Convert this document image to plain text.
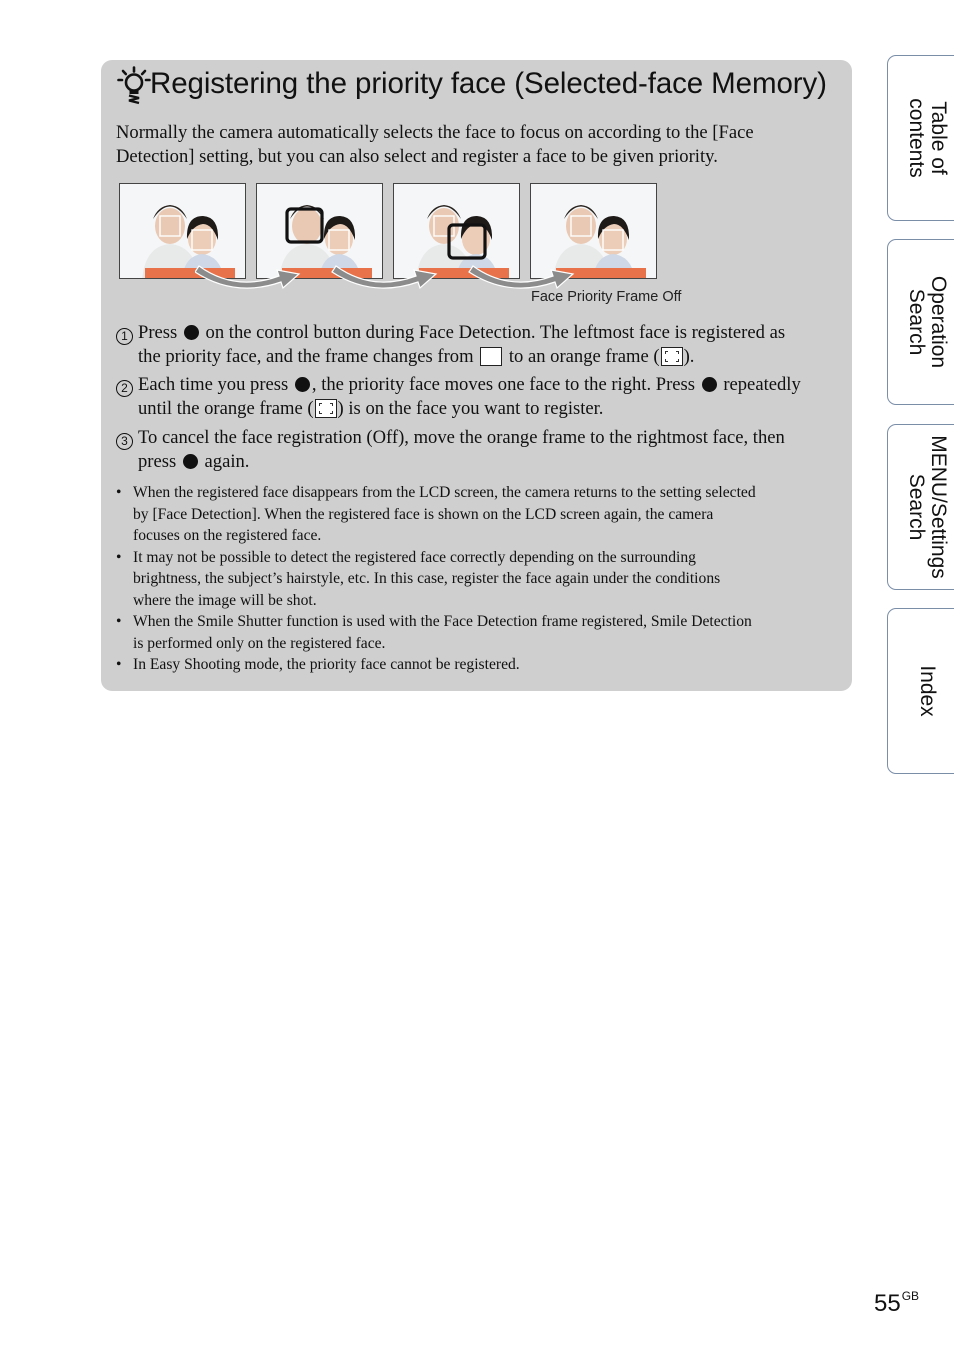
Registering the priority face (Selected-face Memory)
Normally the camera automatically selects the face to focus on according to the [Face
Detection] setting, but you can also select and register a face to be given priority.
Face Priority Frame Off
1 Press  on the control button during Face Detection. The leftmost face is registered as
the priority face, and the frame changes from  to an orange frame ( ).
2 Each time you press , the priority face moves one face to the right. Press  repeatedly
until the orange frame ( ) is on the face you want to register.
3 To cancel the face registration (Off), move the orange frame to the rightmost face, then
press  again.
• When the registered face disappears from the LCD screen, the camera returns to the setting selected
by [Face Detection]. When the registered face is shown on the LCD screen again, the camera
focuses on the registered face.
• It may not be possible to detect the registered face correctly depending on the surrounding
brightness, the subject’s hairstyle, etc. In this case, register the face again under the conditions
where the image will be shot.
• When the Smile Shutter function is used with the Face Detection frame registered, Smile Detection
is performed only on the registered face.
• In Easy Shooting mode, the priority face cannot be registered.
Table of
contents
Operation
Search
MENU/Settings
Search
Index
$55^{GB}$
